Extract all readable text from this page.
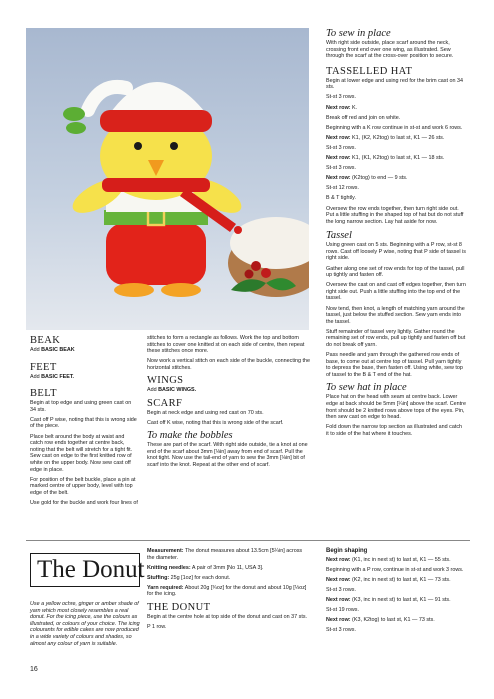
BEAK

Add BASIC BEAK

FEET

Add BASIC FEET.

BELT

Begin at top edge and using green cast on 34 sts.

Cast off P wise, noting that this is wrong side of the piece.

Place belt around the body at waist and catch row ends together at centre back, noting that the belt will stretch for a tight fit. Sew cast on edge to the first knitted row of white on the upper body. Now sew cast off edge in place.

For position of the belt buckle, place a pin at marked centre of upper body, level with top edge of the belt.

Use gold for the buckle and work four lines of

stitches to form a rectangle as follows. Work the top and bottom stitches to cover one knitted st on each side of centre, then repeat these stitches once more.

Now work a vertical stitch on each side of the buckle, connecting the horizontal stitches.

WINGS

Add BASIC WINGS.

SCARF

Begin at neck edge and using red cast on 70 sts.

Cast off K wise, noting that this is wrong side of the scarf.

To make the bobbles

These are part of the scarf. With right side outside, tie a knot at one end of the scarf about 3mm [⅛in] away from end of scarf. Pull the knot tight. Now use the tail-end of yarn to sew the 3mm [⅛in] bit of scarf into the knot. Repeat at the other end of scarf.

To sew in place

With right side outside, place scarf around the neck, crossing front end over one wing, as illustrated. Sew through the scarf at the cross-over position to secure.

TASSELLED HAT

Begin at lower edge and using red for the brim cast on 34 sts.

St-st 3 rows.

Next row: K.

Break off red and join on white.

Beginning with a K row continue in st-st and work 6 rows.

Next row: K1, (K2, K2tog) to last st, K1 — 26 sts.

St-st 3 rows.

Next row: K1, (K1, K2tog) to last st, K1 — 18 sts.

St-st 3 rows.

Next row: (K2tog) to end — 9 sts.

St-st 12 rows.

B & T tightly.

Oversew the row ends together, then turn right side out. Put a little stuffing in the shaped top of hat but do not stuff the long narrow section. Lay hat aside for now.

Tassel

Using green cast on 5 sts. Beginning with a P row, st-st 8 rows. Cast off loosely P wise, noting that P side of tassel is right side.

Gather along one set of row ends for top of the tassel, pull up tightly and fasten off.

Oversew the cast on and cast off edges together, then turn right side out. Push a little stuffing into the top end of the tassel.

Now tend, then knot, a length of matching yarn around the tassel, just below the stuffed section. Sew yarn ends into the tassel.

Stuff remainder of tassel very lightly. Gather round the remaining set of row ends, pull up tightly and fasten off but do not break off yarn.

Pass needle and yarn through the gathered row ends of base, to come out at centre top of tassel. Pull yarn tightly to depress the base, then fasten off. Using white, sew top of tassel to the B & T end of the hat.

To sew hat in place

Place hat on the head with seam at centre back. Lower edge at back should be 5mm [¼in] above the scarf. Centre front should be 2 knitted rows above tops of the eyes. Pin, then sew cast on edge to head.

Fold down the narrow top section as illustrated and catch it to side of the hat where it touches.

The Donut
Use a yellow ochre, ginger or amber shade of yarn which most closely resembles a real donut. For the icing piece, use the colours as illustrated, or colours of your choice. The icing colourants for edible cakes are now produced in a wide variety of colours and shades, so almost any colour of yarn is suitable.

Measurement: The donut measures about 13.5cm [5¼in] across the diameter.

Knitting needles: A pair of 3mm [No 11, USA 3].

Stuffing: 25g [1oz] for each donut.

Yarn required: About 20g [¾oz] for the donut and about 10g [⅓oz] for the icing.

THE DONUT

Begin at the centre hole at top side of the donut and cast on 37 sts.

P 1 row.

Begin shaping

Next row: (K1, inc in next st) to last st, K1 — 55 sts.

Beginning with a P row, continue in st-st and work 3 rows.

Next row: (K2, inc in next st) to last st, K1 — 73 sts.

St-st 3 rows.

Next row: (K3, inc in next st) to last st, K1 — 91 sts.

St-st 19 rows.

Next row: (K3, K2tog) to last st, K1 — 73 sts.

St-st 3 rows.

16
